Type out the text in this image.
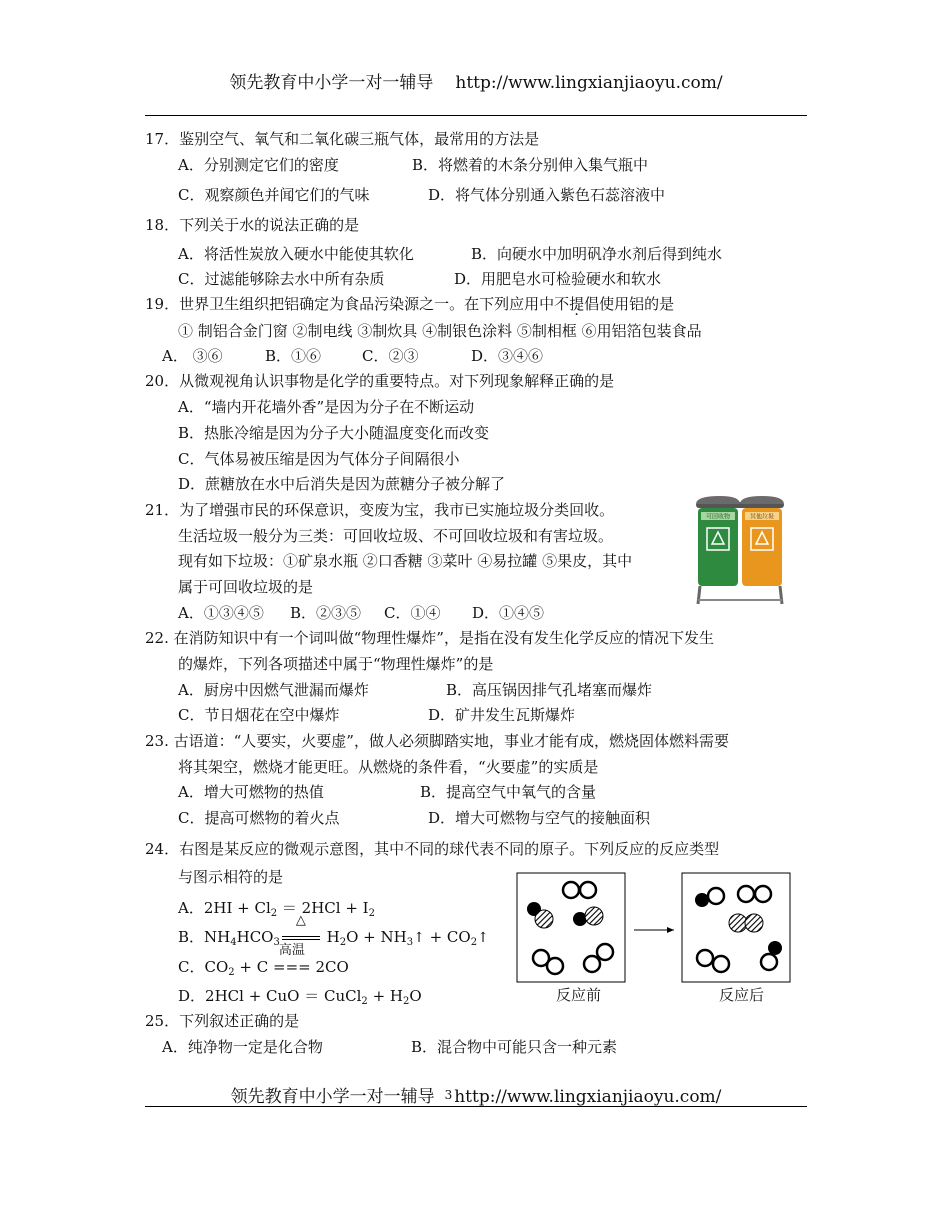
领先教育中小学一对一辅导 http://www.lingxianjiaoyu.com/
17．鉴别空气、氧气和二氧化碳三瓶气体，最常用的方法是
A．分别测定它们的密度	B．将燃着的木条分别伸入集气瓶中
C．观察颜色并闻它们的气味	D．将气体分别通入紫色石蕊溶液中
18．下列关于水的说法正确的是
A．将活性炭放入硬水中能使其软化	B．向硬水中加明矾净水剂后得到纯水
C．过滤能够除去水中所有杂质	D．用肥皂水可检验硬水和软水
19．世界卫生组织把铝确定为食品污染源之一。在下列应用中不提倡使用铝的是
① 制铝合金门窗 ②制电线 ③制炊具 ④制银色涂料 ⑤制相框 ⑥用铝箔包装食品
A． ③⑥	B．①⑥	C．②③	D．③④⑥
20．从微观视角认识事物是化学的重要特点。对下列现象解释正确的是
A．“墙内开花墙外香”是因为分子在不断运动
B．热胀冷缩是因为分子大小随温度变化而改变
C．气体易被压缩是因为气体分子间隔很小
D．蔗糖放在水中后消失是因为蔗糖分子被分解了
21．为了增强市民的环保意识，变废为宝，我市已实施垃圾分类回收。
生活垃圾一般分为三类：可回收垃圾、不可回收垃圾和有害垃圾。
现有如下垃圾：①矿泉水瓶 ②口香糖 ③菜叶 ④易拉罐 ⑤果皮，其中
属于可回收垃圾的是
A．①③④⑤ B．②③⑤ C．①④ D．①④⑤
可回收物	其他垃圾
22. 在消防知识中有一个词叫做“物理性爆炸”，是指在没有发生化学反应的情况下发生
的爆炸，下列各项描述中属于“物理性爆炸”的是
A．厨房中因燃气泄漏而爆炸	B．高压锅因排气孔堵塞而爆炸
C．节日烟花在空中爆炸	D．矿井发生瓦斯爆炸
23. 古语道：“人要实，火要虚”，做人必须脚踏实地，事业才能有成，燃烧固体燃料需要
将其架空，燃烧才能更旺。从燃烧的条件看，“火要虚”的实质是
A．增大可燃物的热值	B．提高空气中氧气的含量
C．提高可燃物的着火点	D．增大可燃物与空气的接触面积
24．右图是某反应的微观示意图，其中不同的球代表不同的原子。下列反应的反应类型
与图示相符的是
A．$2HI + Cl_2 = 2HCl + I_2$
B．$NH_4HCO_3$
△
$H_2O$ + $NH_3↑$ + $CO_2↑$
C．$CO_2 + C$
高温
=== 2CO
D．2HCl + CuO ＝ CuCl$_2$ + $H_2O$	反应前	反应后
25．下列叙述正确的是
A．纯净物一定是化合物	B．混合物中可能只含一种元素
领先教育中小学一对一辅导 3 http://www.lingxianjiaoyu.com/
